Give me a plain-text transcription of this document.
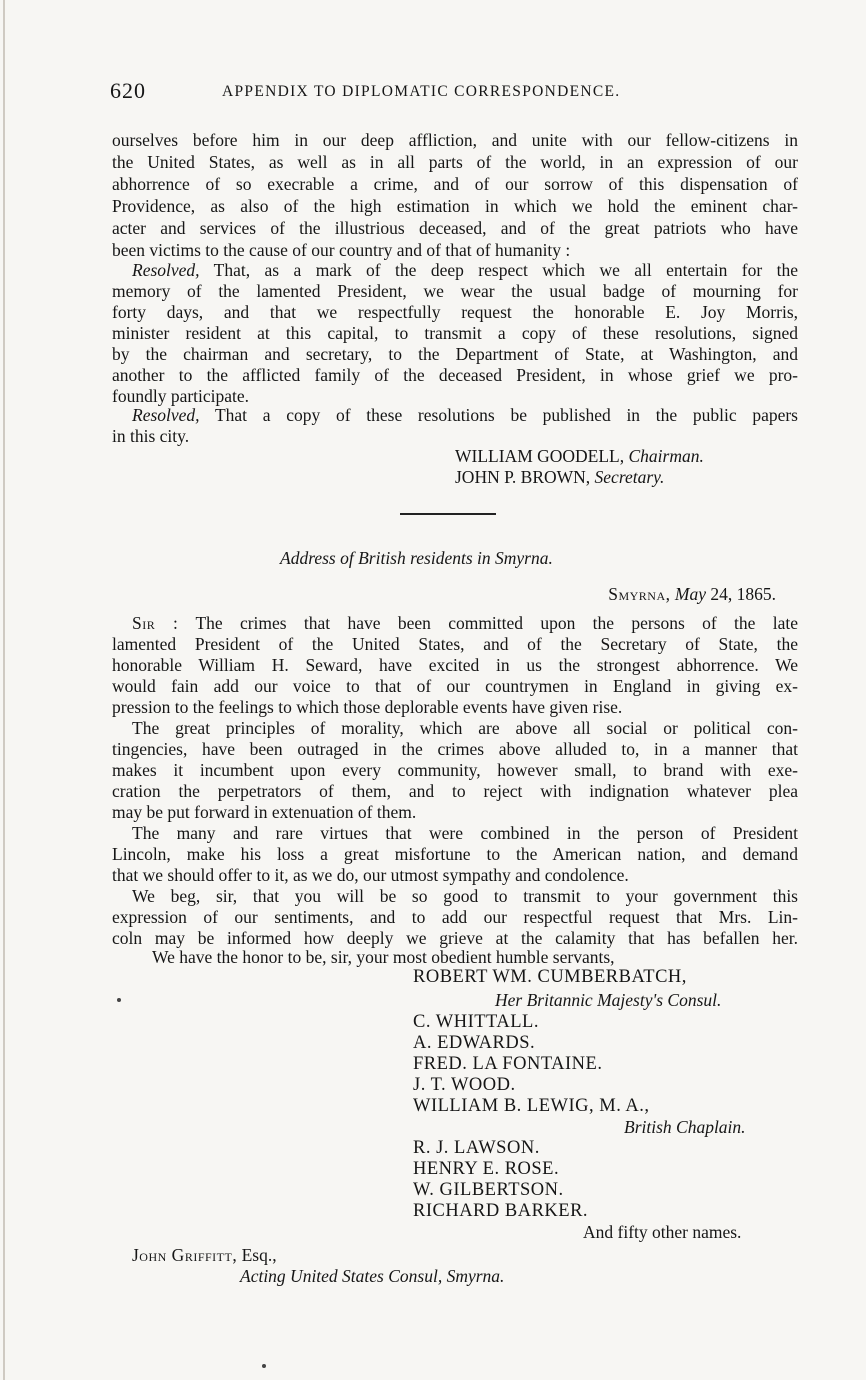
620	APPENDIX TO DIPLOMATIC CORRESPONDENCE.
ourselves before him in our deep affliction, and unite with our fellow-citizens in
the United States, as well as in all parts of the world, in an expression of our
abhorrence of so execrable a crime, and of our sorrow of this dispensation of
Providence, as also of the high estimation in which we hold the eminent char-
acter and services of the illustrious deceased, and of the great patriots who have
been victims to the cause of our country and of that of humanity :
Resolved, That, as a mark of the deep respect which we all entertain for the
memory of the lamented President, we wear the usual badge of mourning for
forty days, and that we respectfully request the honorable E. Joy Morris,
minister resident at this capital, to transmit a copy of these resolutions, signed
by the chairman and secretary, to the Department of State, at Washington, and
another to the afflicted family of the deceased President, in whose grief we pro-
foundly participate.
Resolved, That a copy of these resolutions be published in the public papers
in this city.
WILLIAM GOODELL, Chairman.
JOHN P. BROWN, Secretary.
Address of British residents in Smyrna.
Smyrna, May 24, 1865.
Sir : The crimes that have been committed upon the persons of the late
lamented President of the United States, and of the Secretary of State, the
honorable William H. Seward, have excited in us the strongest abhorrence. We
would fain add our voice to that of our countrymen in England in giving ex-
pression to the feelings to which those deplorable events have given rise.
The great principles of morality, which are above all social or political con-
tingencies, have been outraged in the crimes above alluded to, in a manner that
makes it incumbent upon every community, however small, to brand with exe-
cration the perpetrators of them, and to reject with indignation whatever plea
may be put forward in extenuation of them.
The many and rare virtues that were combined in the person of President
Lincoln, make his loss a great misfortune to the American nation, and demand
that we should offer to it, as we do, our utmost sympathy and condolence.
We beg, sir, that you will be so good to transmit to your government this
expression of our sentiments, and to add our respectful request that Mrs. Lin-
coln may be informed how deeply we grieve at the calamity that has befallen her.
We have the honor to be, sir, your most obedient humble servants,
ROBERT WM. CUMBERBATCH,
Her Britannic Majesty's Consul.
C. WHITTALL.
A. EDWARDS.
FRED. LA FONTAINE.
J. T. WOOD.
WILLIAM B. LEWIG, M. A.,
British Chaplain.
R. J. LAWSON.
HENRY E. ROSE.
W. GILBERTSON.
RICHARD BARKER.
And fifty other names.
John Griffitt, Esq.,
Acting United States Consul, Smyrna.
